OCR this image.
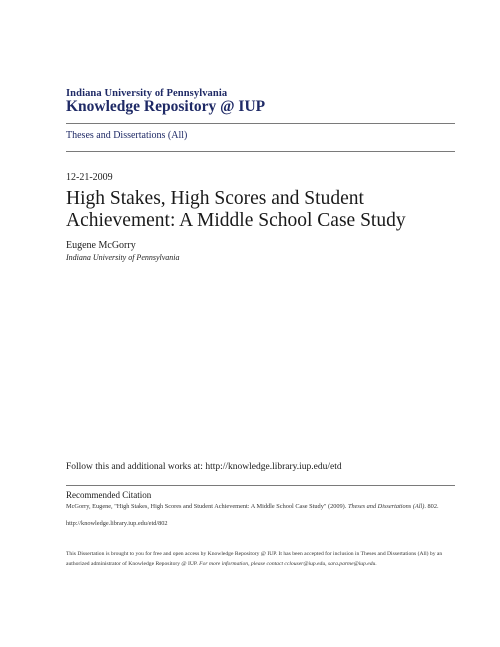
Indiana University of Pennsylvania
Knowledge Repository @ IUP
Theses and Dissertations (All)
12-21-2009
High Stakes, High Scores and Student Achievement: A Middle School Case Study
Eugene McGorry
Indiana University of Pennsylvania
Follow this and additional works at: http://knowledge.library.iup.edu/etd
Recommended Citation
McGorry, Eugene, "High Stakes, High Scores and Student Achievement: A Middle School Case Study" (2009). Theses and Dissertations (All). 802.
http://knowledge.library.iup.edu/etd/802
This Dissertation is brought to you for free and open access by Knowledge Repository @ IUP. It has been accepted for inclusion in Theses and Dissertations (All) by an authorized administrator of Knowledge Repository @ IUP. For more information, please contact cclouser@iup.edu, sara.parme@iup.edu.
